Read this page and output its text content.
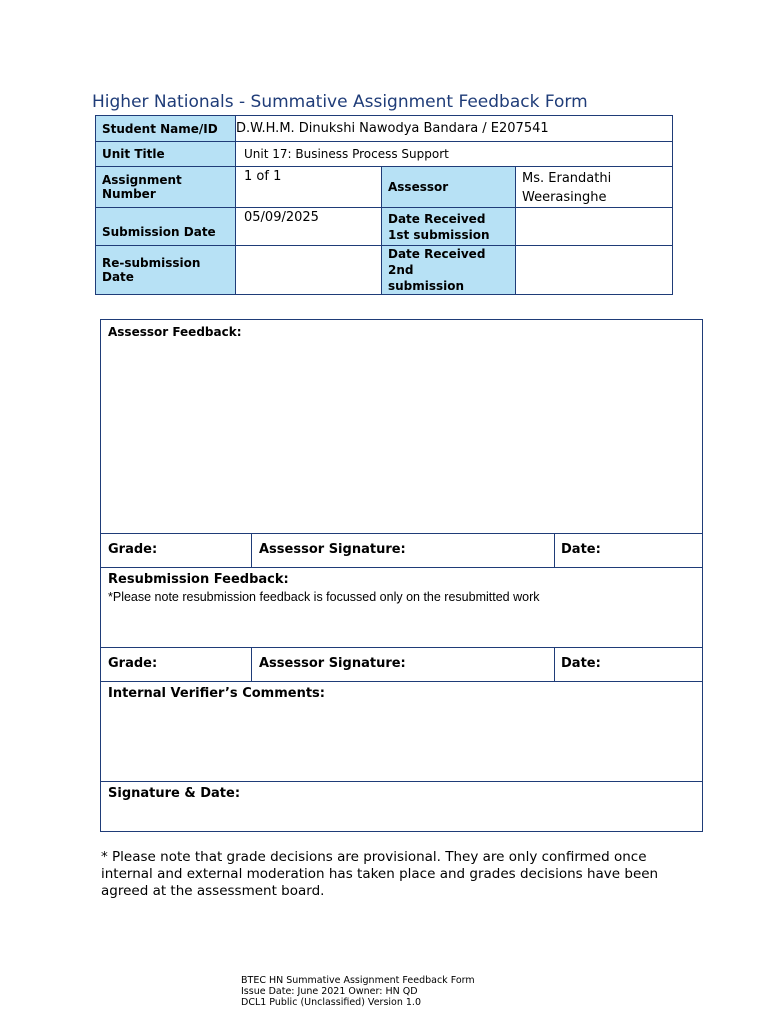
Higher Nationals - Summative Assignment Feedback Form
Student Name/ID	D.W.H.M. Dinukshi Nawodya Bandara / E207541		
Unit Title	Unit 17: Business Process Support		
Assignment Number	1 of 1	Assessor	Ms. Erandathi
Weerasinghe

Submission Date	05/09/2025	Date Received
1st submission	

Re-submission Date		Date Received 2nd
submission	

Assessor Feedback:
Grade:	Assessor Signature:	Date:
Resubmission Feedback:
*Please note resubmission feedback is focussed only on the resubmitted work
Grade:	Assessor Signature:	Date:
Internal Verifier’s Comments:
Signature & Date:
* Please note that grade decisions are provisional. They are only confirmed once internal and external moderation has taken place and grades decisions have been agreed at the assessment board.
BTEC HN Summative Assignment Feedback Form
Issue Date: June 2021 Owner: HN QD
DCL1 Public (Unclassified) Version 1.0
